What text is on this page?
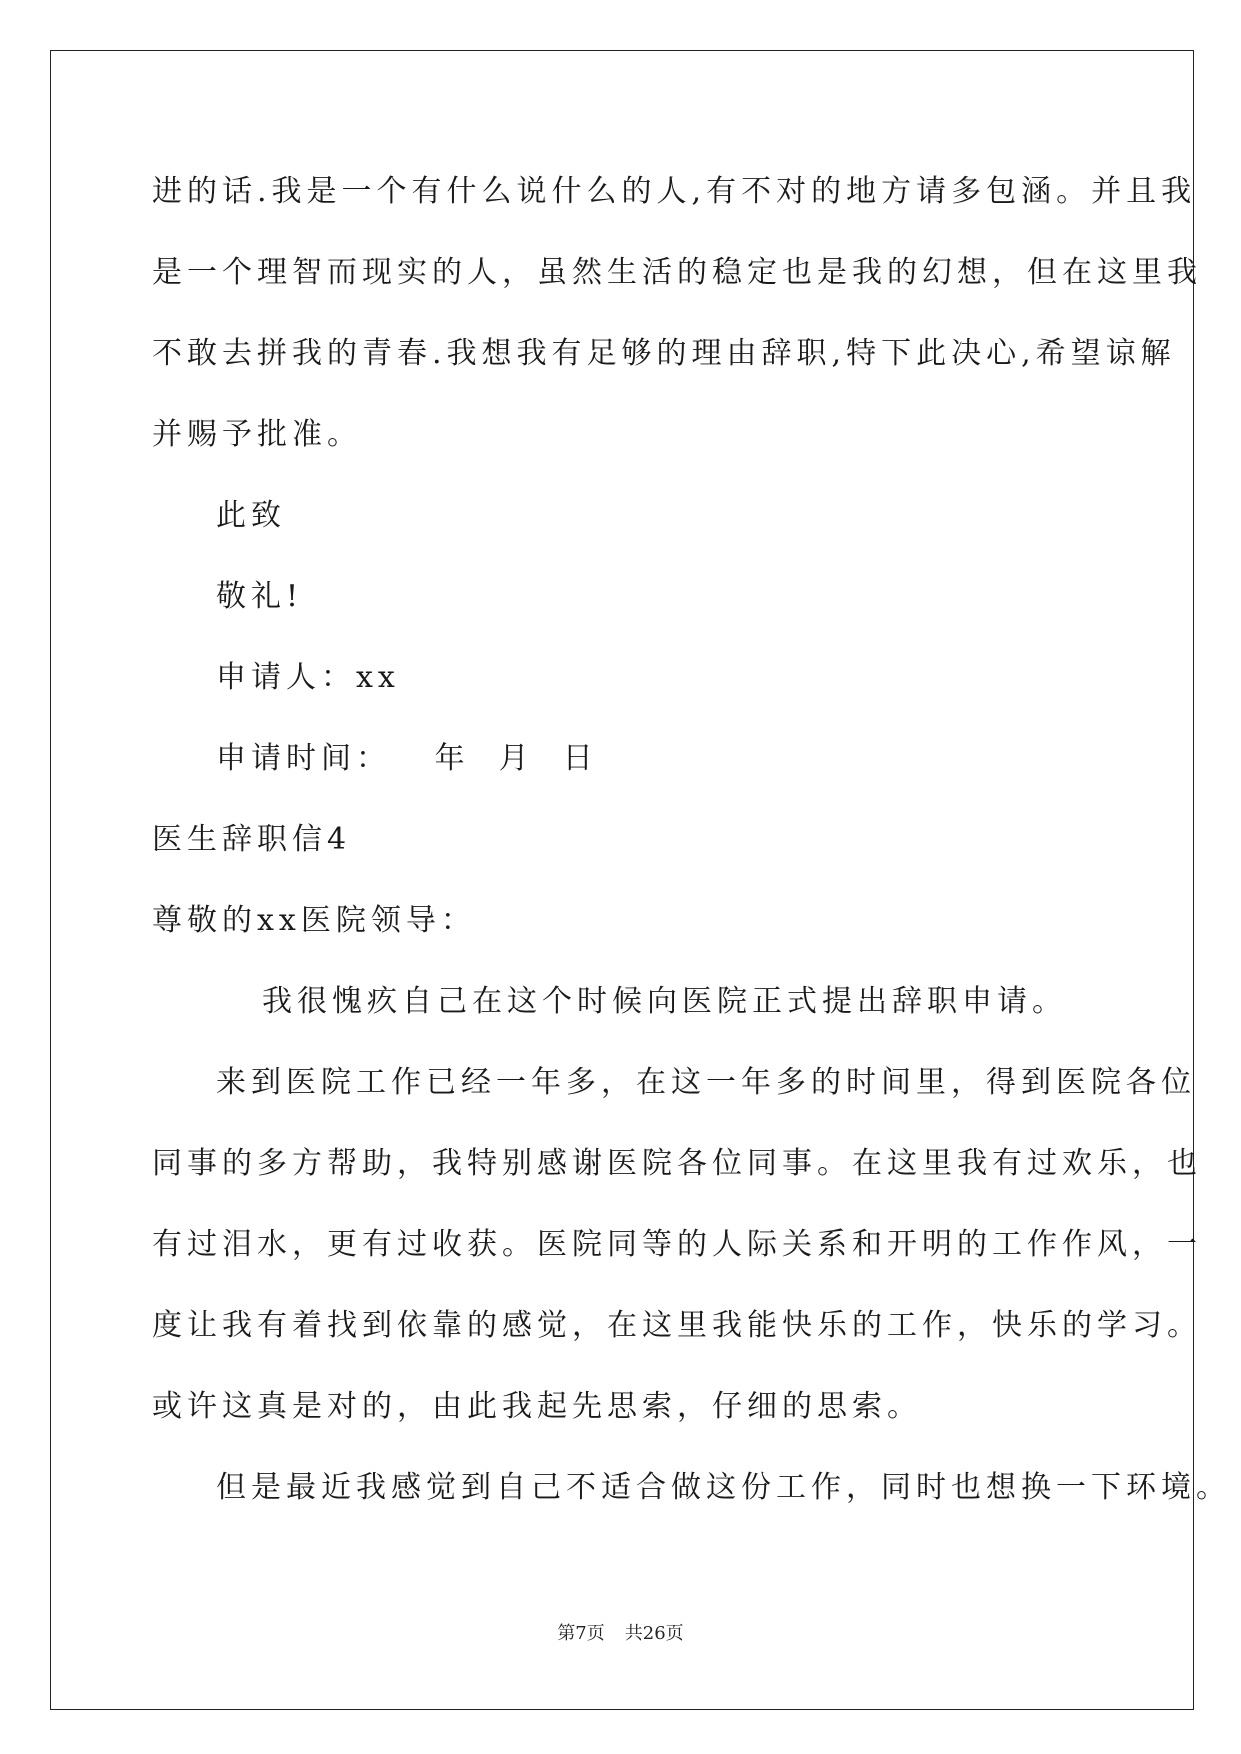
进的话.我是一个有什么说什么的人,有不对的地方请多包涵。并且我
是一个理智而现实的人，虽然生活的稳定也是我的幻想，但在这里我
不敢去拼我的青春.我想我有足够的理由辞职,特下此决心,希望谅解
并赐予批准。
此致
敬礼!
申请人：xx
申请时间：   年  月  日
医生辞职信4
尊敬的xx医院领导：
我很愧疚自己在这个时候向医院正式提出辞职申请。
来到医院工作已经一年多，在这一年多的时间里，得到医院各位
同事的多方帮助，我特别感谢医院各位同事。在这里我有过欢乐，也
有过泪水，更有过收获。医院同等的人际关系和开明的工作作风，一
度让我有着找到依靠的感觉，在这里我能快乐的工作，快乐的学习。
或许这真是对的，由此我起先思索，仔细的思索。
但是最近我感觉到自己不适合做这份工作，同时也想换一下环境。
第7页 共26页
